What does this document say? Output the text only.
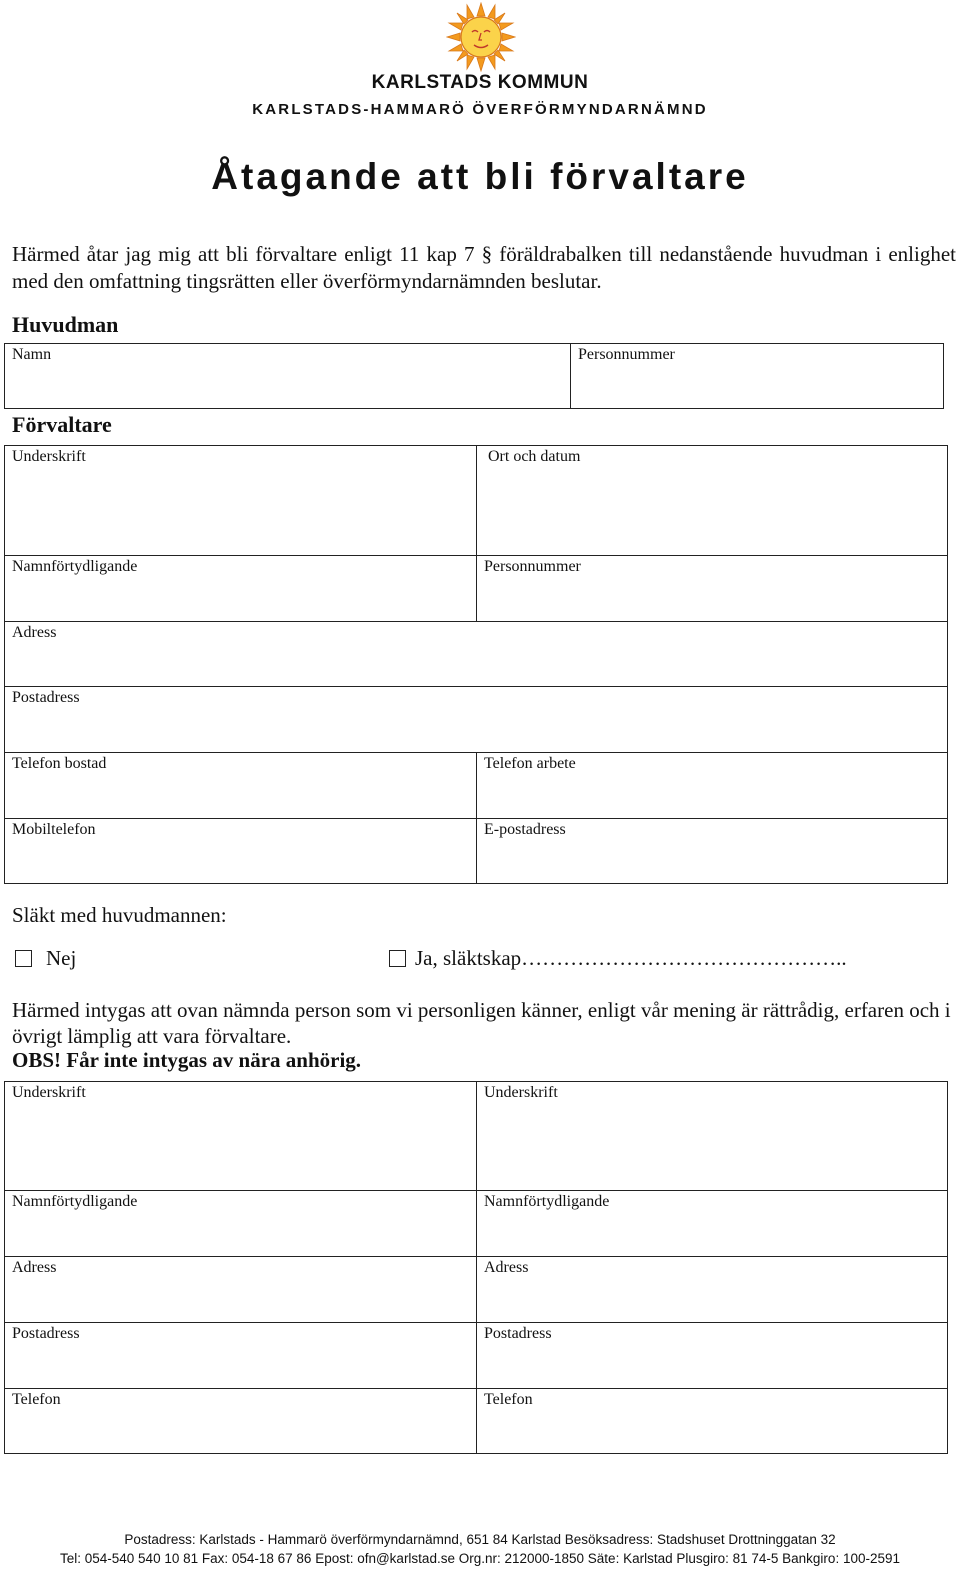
KARLSTADS KOMMUN
KARLSTADS-HAMMARÖ ÖVERFÖRMYNDARNÄMND
Åtagande att bli förvaltare
Härmed åtar jag mig att bli förvaltare enligt 11 kap 7 § föräldrabalken till nedanstående huvudman i enlighet med den omfattning tingsrätten eller överförmyndarnämnden beslutar.
Huvudman
Namn	Personnummer
Förvaltare
Underskrift	Ort och datum
Namnförtydligande	Personnummer
Adress
Postadress
Telefon bostad	Telefon arbete
Mobiltelefon	E-postadress
Släkt med huvudmannen:
Nej	Ja, släktskap………………………………………..
Härmed intygas att ovan nämnda person som vi personligen känner, enligt vår mening är rättrådig, erfaren och i övrigt lämplig att vara förvaltare.
OBS! Får inte intygas av nära anhörig.
Underskrift	Underskrift
Namnförtydligande	Namnförtydligande
Adress	Adress
Postadress	Postadress
Telefon	Telefon
Postadress: Karlstads - Hammarö överförmyndarnämnd, 651 84 Karlstad Besöksadress: Stadshuset Drottninggatan 32
Tel: 054-540 540 10 81 Fax: 054-18 67 86 Epost: ofn@karlstad.se Org.nr: 212000-1850 Säte: Karlstad Plusgiro: 81 74-5 Bankgiro: 100-2591
